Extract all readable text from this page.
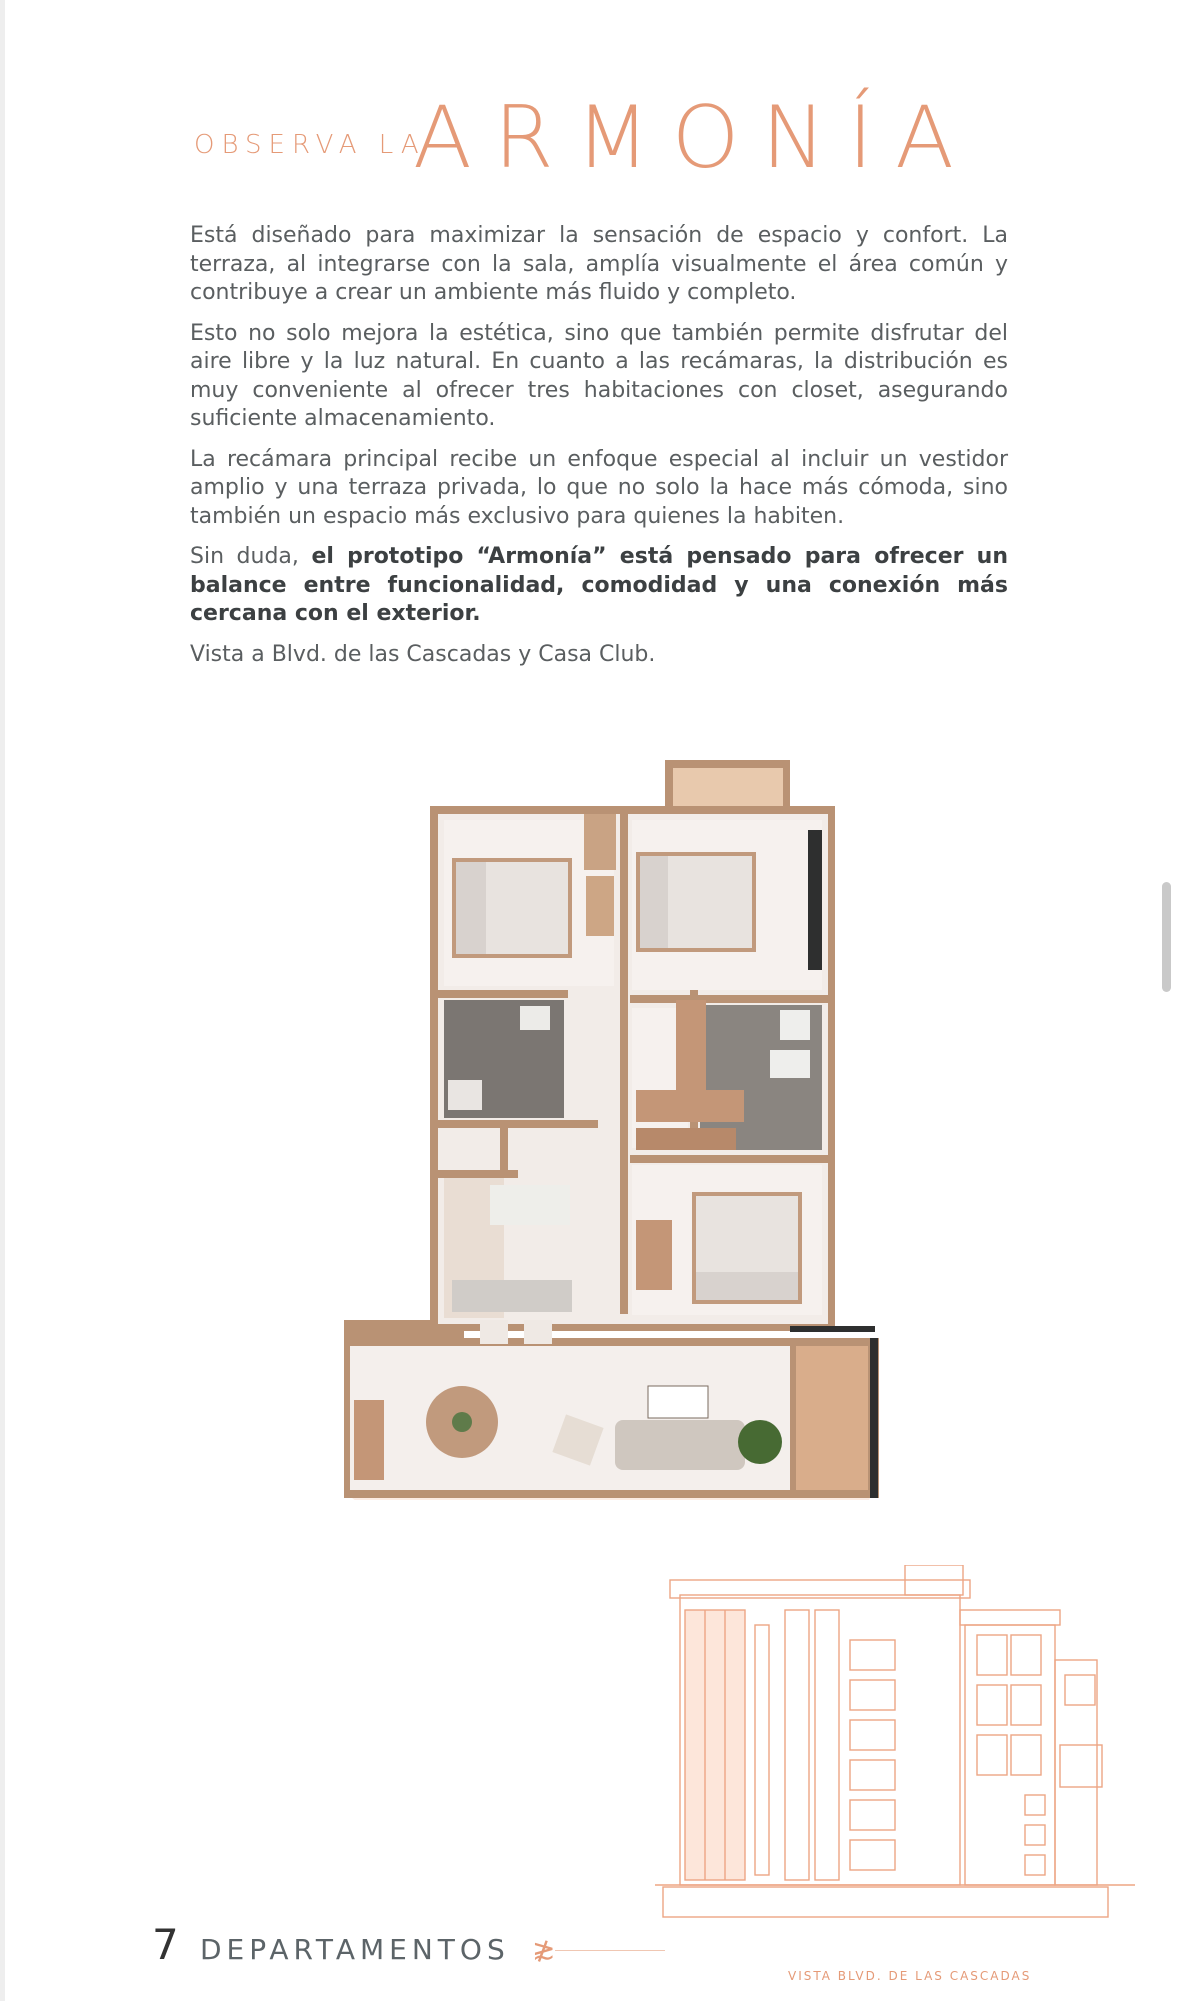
OBSERVA LA
ARMONÍA

Está diseñado para maximizar la sensación de espacio y confort. La terraza, al integrarse con la sala, amplía visualmente el área común y contribuye a crear un ambiente más fluido y completo.

Esto no solo mejora la estética, sino que también permite disfrutar del aire libre y la luz natural. En cuanto a las recámaras, la distribución es muy conveniente al ofrecer tres habitaciones con closet, asegurando suficiente almacenamiento.

La recámara principal recibe un enfoque especial al incluir un vestidor amplio y una terraza privada, lo que no solo la hace más cómoda, sino también un espacio más exclusivo para quienes la habiten.

Sin duda, el prototipo “Armonía” está pensado para ofrecer un balance entre funcionalidad, comodidad y una conexión más cercana con el exterior.

Vista a Blvd. de las Cascadas y Casa Club.

7 DEPARTAMENTOS ≵
VISTA BLVD. DE LAS CASCADAS
